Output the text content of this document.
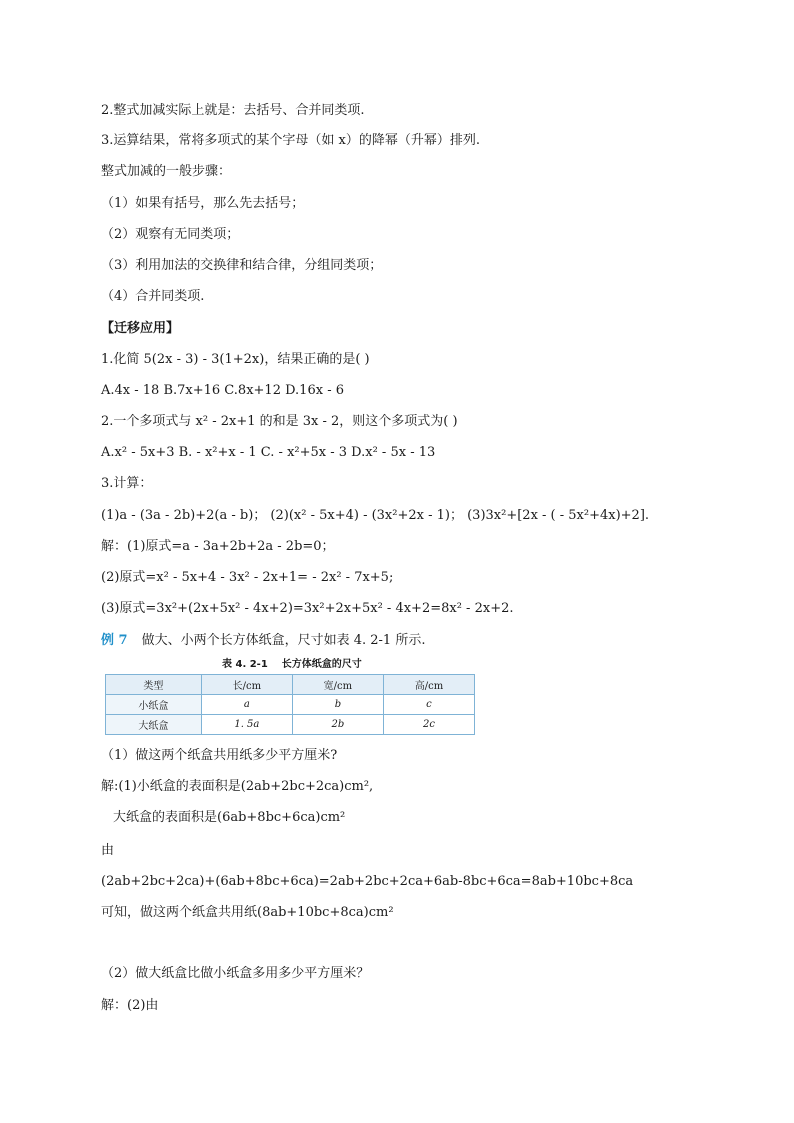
2.整式加减实际上就是：去括号、合并同类项.
3.运算结果，常将多项式的某个字母（如 x）的降幂（升幂）排列.
整式加减的一般步骤：
（1）如果有括号，那么先去括号；
（2）观察有无同类项；
（3）利用加法的交换律和结合律，分组同类项；
（4）合并同类项.
【迁移应用】
1.化简 5(2x - 3) - 3(1+2x)，结果正确的是( )
A.4x - 18 B.7x+16 C.8x+12 D.16x - 6
2.一个多项式与 x² - 2x+1 的和是 3x - 2，则这个多项式为( )
A.x² - 5x+3 B. - x²+x - 1 C. - x²+5x - 3 D.x² - 5x - 13
3.计算：
(1)a - (3a - 2b)+2(a - b)； (2)(x² - 5x+4) - (3x²+2x - 1)； (3)3x²+[2x - ( - 5x²+4x)+2].
解：(1)原式=a - 3a+2b+2a - 2b=0；
(2)原式=x² - 5x+4 - 3x² - 2x+1= - 2x² - 7x+5;
(3)原式=3x²+(2x+5x² - 4x+2)=3x²+2x+5x² - 4x+2=8x² - 2x+2.
例 7 做大、小两个长方体纸盒，尺寸如表 4. 2-1 所示.
表 4. 2-1 长方体纸盒的尺寸
类型	长/cm	宽/cm	高/cm
小纸盒	a	b	c
大纸盒	1. 5a	2b	2c
（1）做这两个纸盒共用纸多少平方厘米?
解:(1)小纸盒的表面积是(2ab+2bc+2ca)cm²,
大纸盒的表面积是(6ab+8bc+6ca)cm²
由
(2ab+2bc+2ca)+(6ab+8bc+6ca)=2ab+2bc+2ca+6ab-8bc+6ca=8ab+10bc+8ca
可知，做这两个纸盒共用纸(8ab+10bc+8ca)cm²
（2）做大纸盒比做小纸盒多用多少平方厘米？
解：(2)由
